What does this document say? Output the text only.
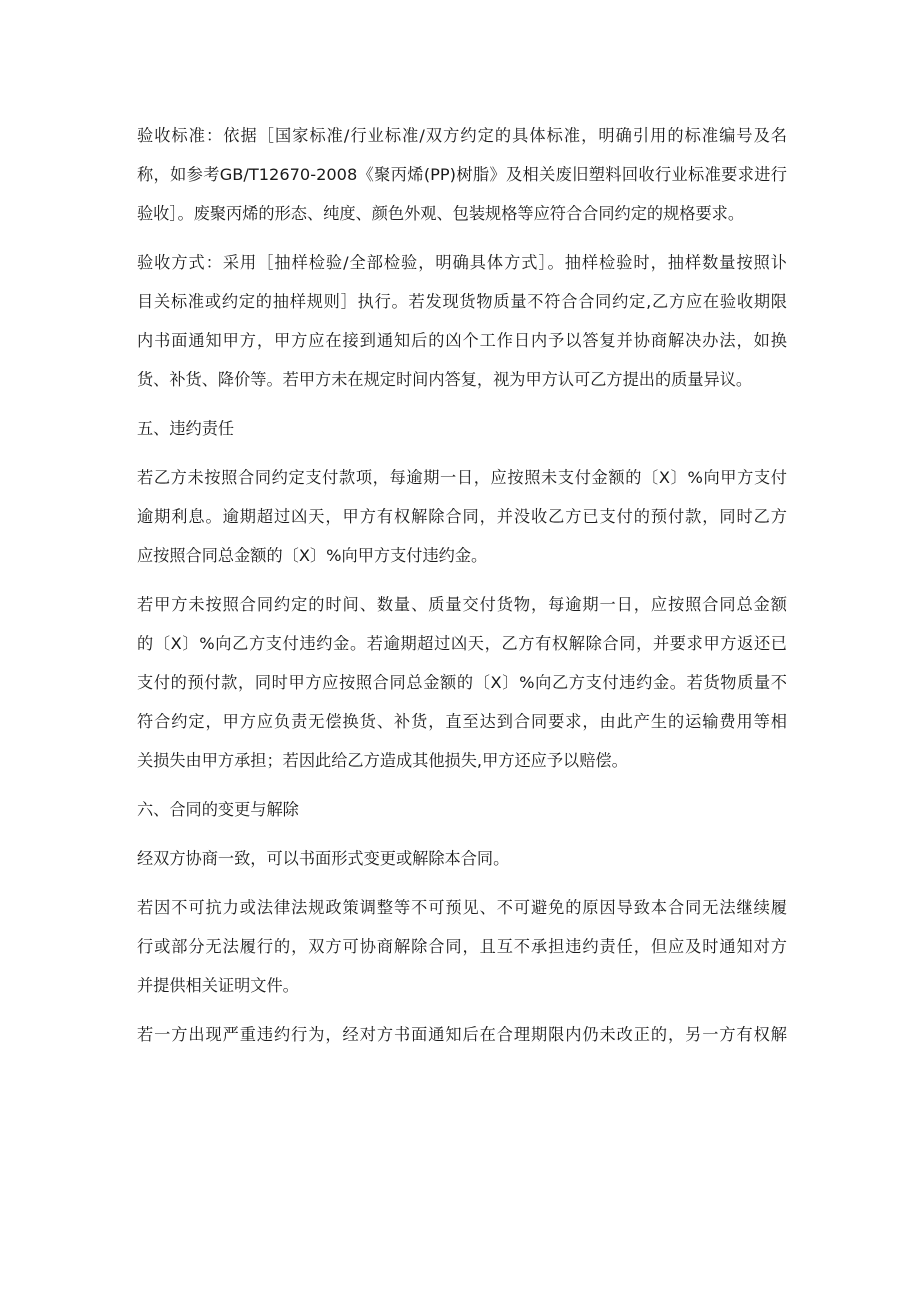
验收标准：依据［国家标准/行业标准/双方约定的具体标准，明确引用的标准编号及名
称，如参考GB/T12670-2008《聚丙烯(PP)树脂》及相关废旧塑料回收行业标准要求进行
验收］。废聚丙烯的形态、纯度、颜色外观、包装规格等应符合合同约定的规格要求。

验收方式：采用［抽样检验/全部检验，明确具体方式］。抽样检验时，抽样数量按照讣
目关标准或约定的抽样规则］执行。若发现货物质量不符合合同约定,乙方应在验收期限
内书面通知甲方，甲方应在接到通知后的凶个工作日内予以答复并协商解决办法，如换
货、补货、降价等。若甲方未在规定时间内答复，视为甲方认可乙方提出的质量异议。

五、违约责任

若乙方未按照合同约定支付款项，每逾期一日，应按照未支付金额的〔X〕%向甲方支付
逾期利息。逾期超过凶天，甲方有权解除合同，并没收乙方已支付的预付款，同时乙方
应按照合同总金额的〔X〕%向甲方支付违约金。

若甲方未按照合同约定的时间、数量、质量交付货物，每逾期一日，应按照合同总金额
的〔X〕%向乙方支付违约金。若逾期超过凶天，乙方有权解除合同，并要求甲方返还已
支付的预付款，同时甲方应按照合同总金额的〔X〕%向乙方支付违约金。若货物质量不
符合约定，甲方应负责无偿换货、补货，直至达到合同要求，由此产生的运输费用等相
关损失由甲方承担；若因此给乙方造成其他损失,甲方还应予以赔偿。

六、合同的变更与解除

经双方协商一致，可以书面形式变更或解除本合同。

若因不可抗力或法律法规政策调整等不可预见、不可避免的原因导致本合同无法继续履
行或部分无法履行的，双方可协商解除合同，且互不承担违约责任，但应及时通知对方
并提供相关证明文件。

若一方出现严重违约行为，经对方书面通知后在合理期限内仍未改正的，另一方有权解
